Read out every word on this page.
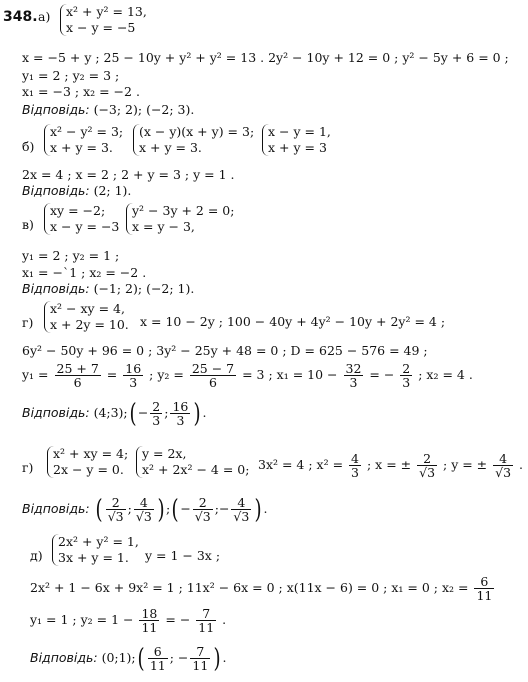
348. а) x² + y² = 13,
x − y = −5
x = −5 + y ; 25 − 10y + y² + y² = 13 . 2y² − 10y + 12 = 0 ; y² − 5y + 6 = 0 ;
y₁ = 2 ; y₂ = 3 ;
x₁ = −3 ; x₂ = −2 .
Відповідь: (−3; 2); (−2; 3).
б)
x² − y² = 3;
x + y = 3.
(x − y)(x + y) = 3;
x + y = 3.
x − y = 1,
x + y = 3
2x = 4 ; x = 2 ; 2 + y = 3 ; y = 1 .
Відповідь: (2; 1).
в)
xy = −2;
x − y = −3
y² − 3y + 2 = 0;
x = y − 3,
y₁ = 2 ; y₂ = 1 ;
x₁ = −`1 ; x₂ = −2 .
Відповідь: (−1; 2); (−2; 1).
г)
x² − xy = 4,
x + 2y = 10. x = 10 − 2y ; 100 − 40y + 4y² − 10y + 2y² = 4 ;
6y² − 50y + 96 = 0 ; 3y² − 25y + 48 = 0 ; D = 625 − 576 = 49 ;
$y_1 = \frac{25 + 7}{6} = \frac{16}{3}$ ; $y_2 = \frac{25 - 7}{6} = 3$ ; $x_1 = 10 - \frac{32}{3}$ = − $\frac{2}{3}$ ; x₂ = 4 .
Відповідь: (4;3);( − $\frac{2}{3}$ ; $\frac{16}{3}$ ) .
г)
x² + xy = 4;
2x − y = 0.
y = 2x,
x² + 2x² − 4 = 0; 3x² = 4 ; $x^2 = \frac{4}{3}$ ; x = ± $\frac{2}{√3}$ ; y = ± $\frac{4}{√3}$ .
Відповідь: ( $\frac{2}{√3}$ ; $\frac{4}{√3}$ ) ;( − $\frac{2}{√3}$ ;− $\frac{4}{√3}$ ) .
д)
2x² + y² = 1,
3x + y = 1.	y = 1 − 3x ;
2x² + 1 − 6x + 9x² = 1 ; 11x² − 6x = 0 ; x(11x − 6) = 0 ; x₁ = 0 ; $x_2 = \frac{6}{11}$
y₁ = 1 ; $y_2 = 1 - \frac{18}{11}$ = − $\frac{7}{11}$ .
Відповідь: (0;1);( $\frac{6}{11}$ ; − $\frac{7}{11}$ ) .
